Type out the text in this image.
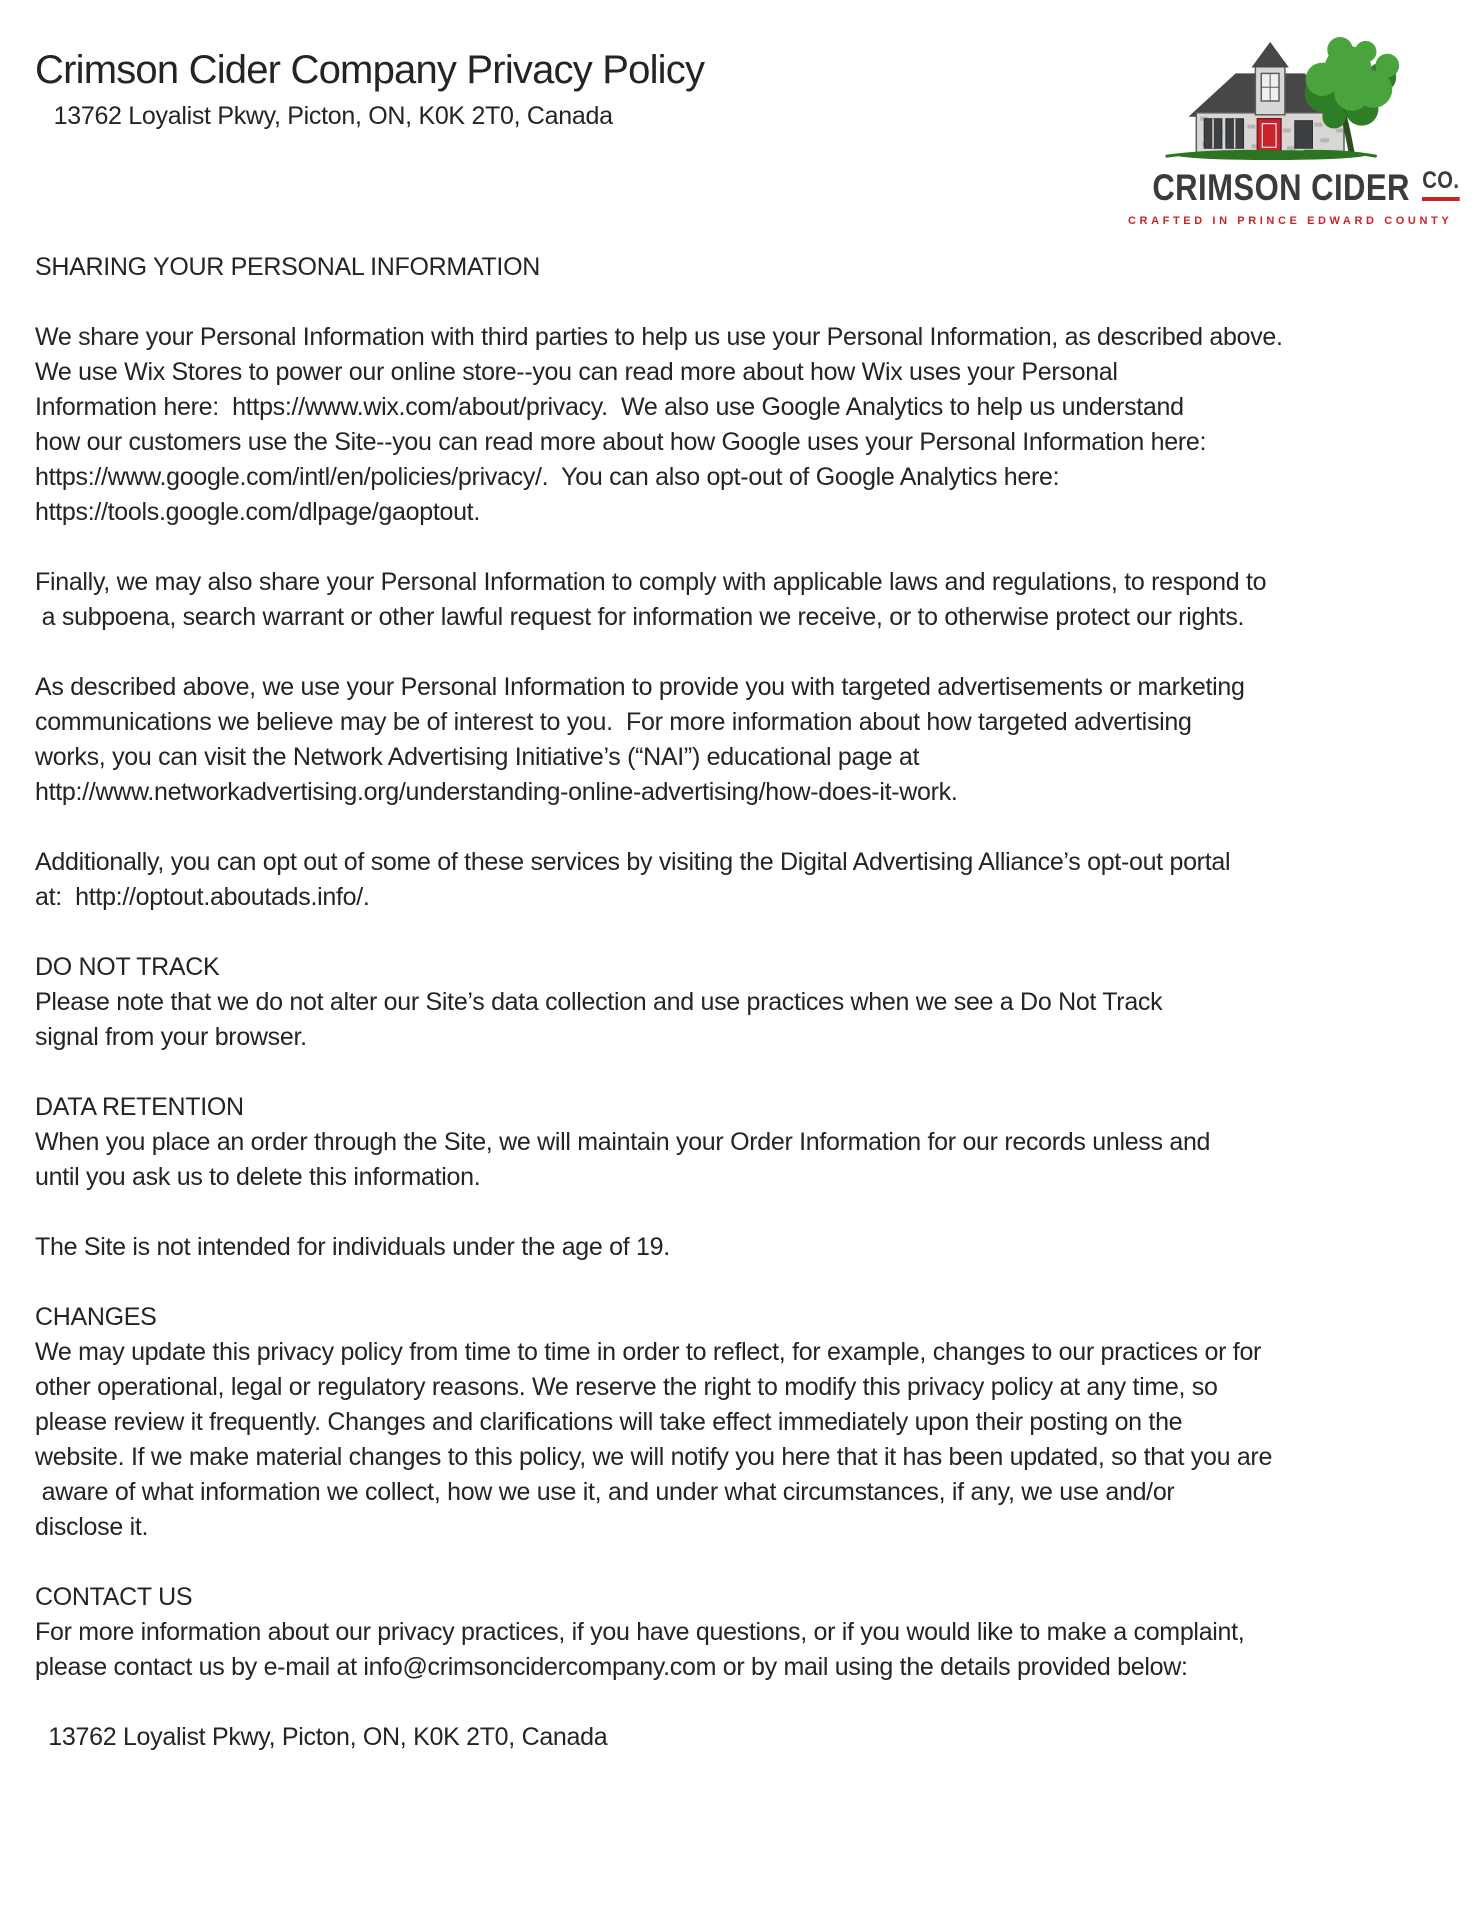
Crimson Cider Company Privacy Policy
13762 Loyalist Pkwy, Picton, ON, K0K 2T0, Canada
CRIMSON CIDER CO.
CRAFTED IN PRINCE EDWARD COUNTY
SHARING YOUR PERSONAL INFORMATION
We share your Personal Information with third parties to help us use your Personal Information, as described above.
We use Wix Stores to power our online store--you can read more about how Wix uses your Personal
Information here:  https://www.wix.com/about/privacy.  We also use Google Analytics to help us understand
how our customers use the Site--you can read more about how Google uses your Personal Information here:
https://www.google.com/intl/en/policies/privacy/.  You can also opt-out of Google Analytics here:
https://tools.google.com/dlpage/gaoptout.
Finally, we may also share your Personal Information to comply with applicable laws and regulations, to respond to
a subpoena, search warrant or other lawful request for information we receive, or to otherwise protect our rights.
As described above, we use your Personal Information to provide you with targeted advertisements or marketing
communications we believe may be of interest to you.  For more information about how targeted advertising
works, you can visit the Network Advertising Initiative’s (“NAI”) educational page at
http://www.networkadvertising.org/understanding-online-advertising/how-does-it-work.
Additionally, you can opt out of some of these services by visiting the Digital Advertising Alliance’s opt-out portal
at:  http://optout.aboutads.info/.
DO NOT TRACK
Please note that we do not alter our Site’s data collection and use practices when we see a Do Not Track
signal from your browser.
DATA RETENTION
When you place an order through the Site, we will maintain your Order Information for our records unless and
until you ask us to delete this information.
The Site is not intended for individuals under the age of 19.
CHANGES
We may update this privacy policy from time to time in order to reflect, for example, changes to our practices or for
other operational, legal or regulatory reasons. We reserve the right to modify this privacy policy at any time, so
please review it frequently. Changes and clarifications will take effect immediately upon their posting on the
website. If we make material changes to this policy, we will notify you here that it has been updated, so that you are
aware of what information we collect, how we use it, and under what circumstances, if any, we use and/or
disclose it.
CONTACT US
For more information about our privacy practices, if you have questions, or if you would like to make a complaint,
please contact us by e-mail at info@crimsoncidercompany.com or by mail using the details provided below:
13762 Loyalist Pkwy, Picton, ON, K0K 2T0, Canada
